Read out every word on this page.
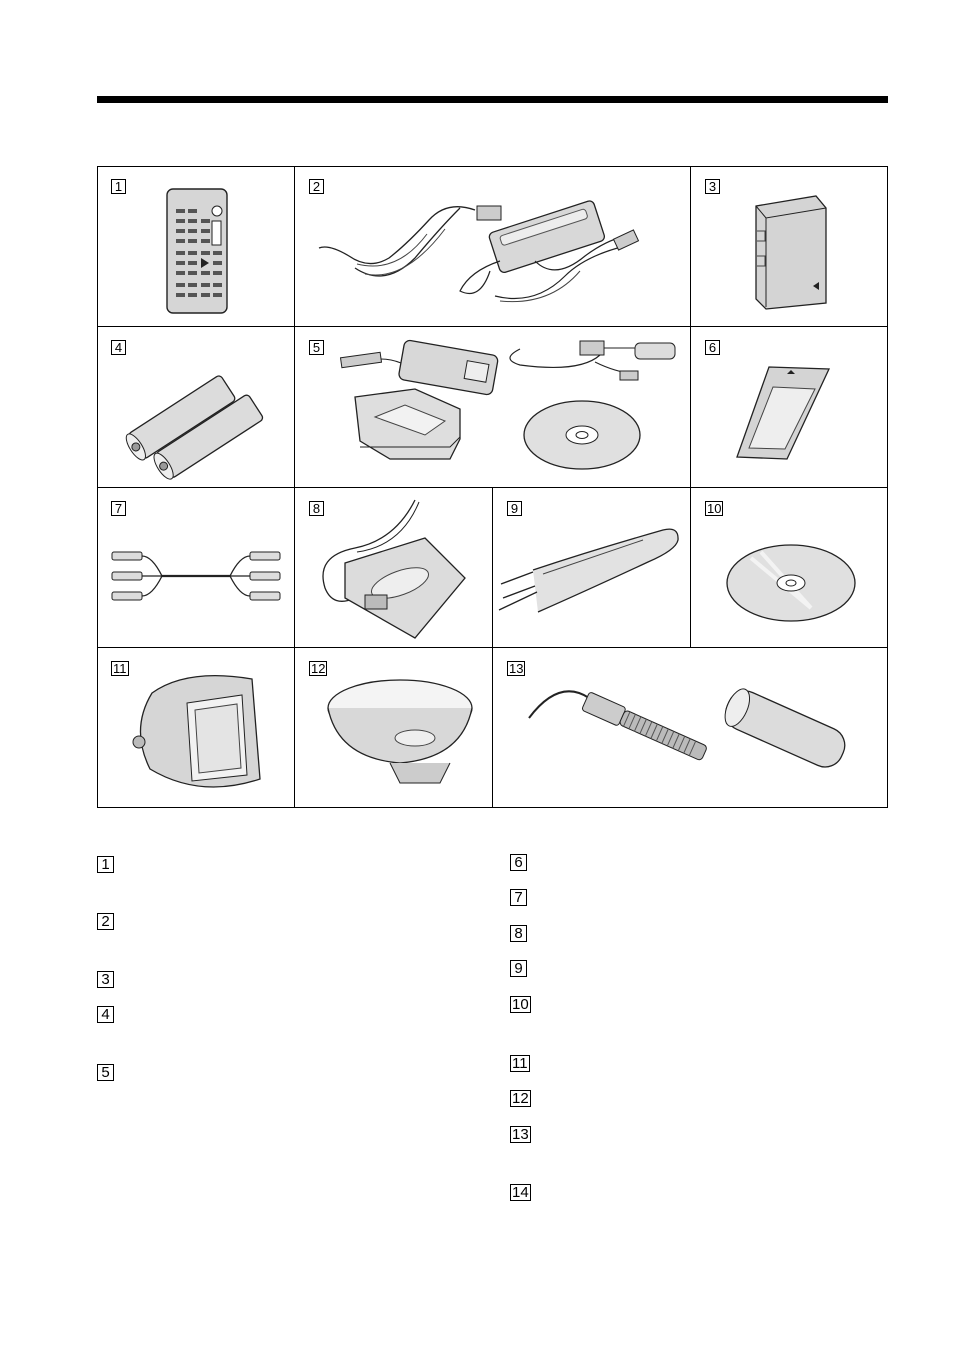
1	2	3
4	5	6
7	8	9	10
11	12	13
1
2
3
4
5
6
7
8
9
10
11
12
13
14
